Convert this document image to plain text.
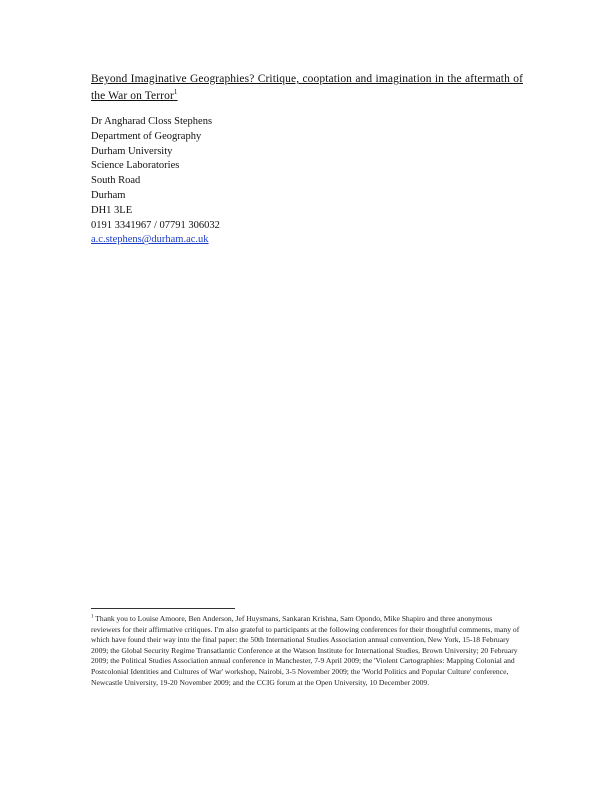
Beyond Imaginative Geographies? Critique, cooptation and imagination in the aftermath of the War on Terror$^1$
Dr Angharad Closs Stephens
Department of Geography
Durham University
Science Laboratories
South Road
Durham
DH1 3LE
0191 3341967 / 07791 306032
a.c.stephens@durham.ac.uk
$^1$ Thank you to Louise Amoore, Ben Anderson, Jef Huysmans, Sankaran Krishna, Sam Opondo, Mike Shapiro and three anonymous reviewers for their affirmative critiques. I'm also grateful to participants at the following conferences for their thoughtful comments, many of which have found their way into the final paper: the 50th International Studies Association annual convention, New York, 15-18 February 2009; the Global Security Regime Transatlantic Conference at the Watson Institute for International Studies, Brown University; 20 February 2009; the Political Studies Association annual conference in Manchester, 7-9 April 2009; the 'Violent Cartographies: Mapping Colonial and Postcolonial Identities and Cultures of War' workshop, Nairobi, 3-5 November 2009; the 'World Politics and Popular Culture' conference, Newcastle University, 19-20 November 2009; and the CCIG forum at the Open University, 10 December 2009.
